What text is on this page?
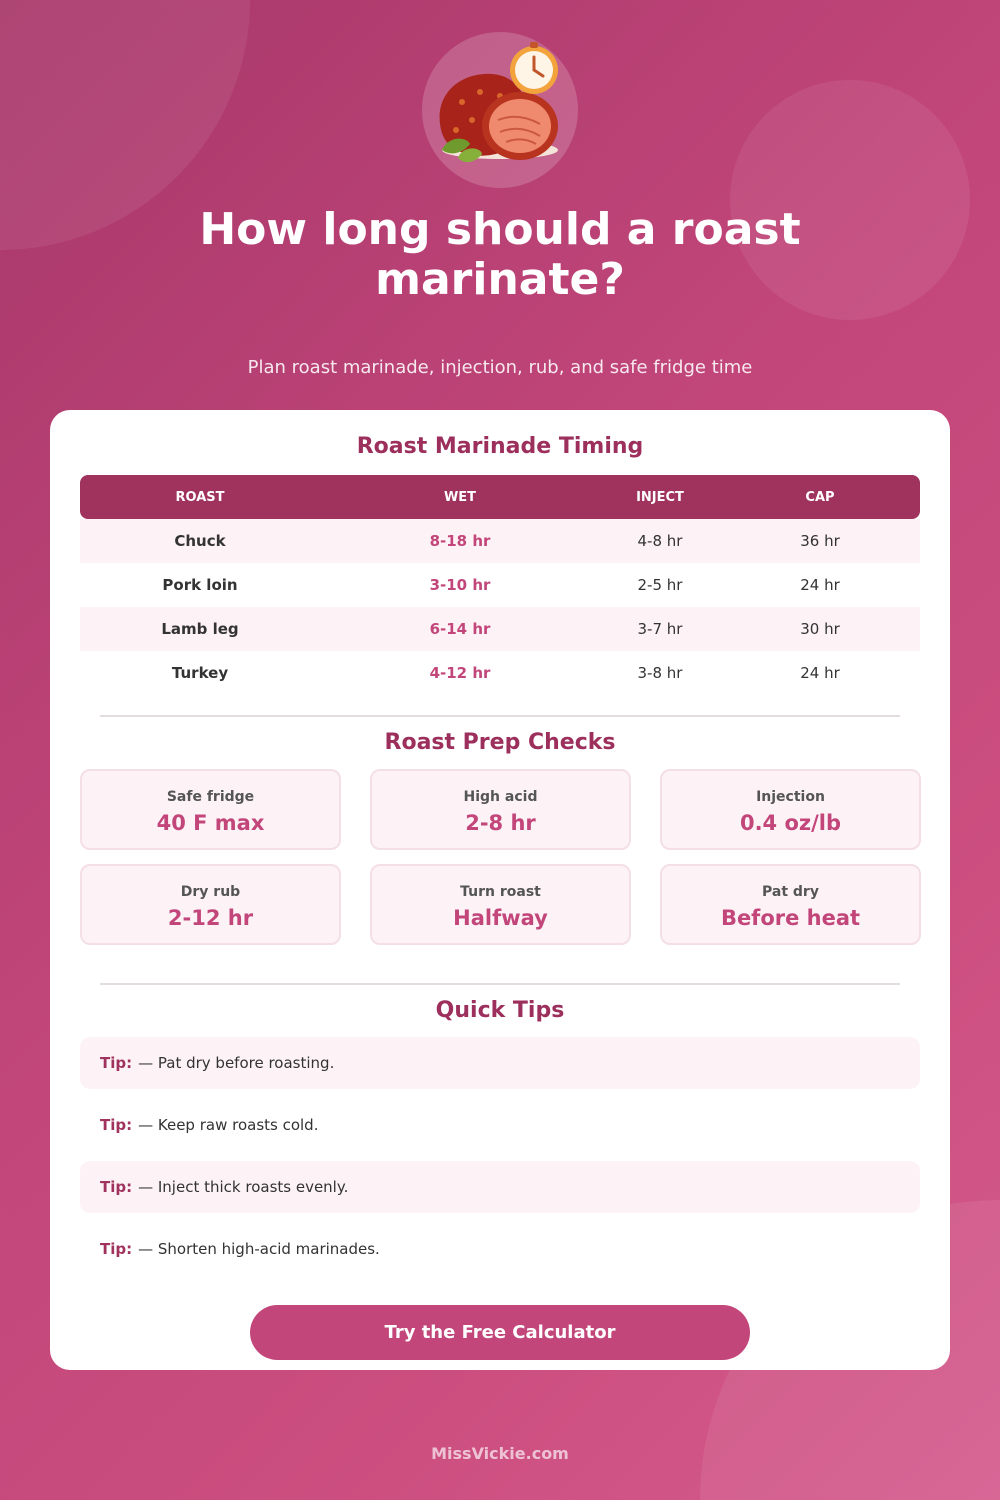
How long should a roast marinate?
Plan roast marinade, injection, rub, and safe fridge time
Roast Marinade Timing
ROAST	WET	INJECT	CAP
Chuck	8-18 hr	4-8 hr	36 hr
Pork loin	3-10 hr	2-5 hr	24 hr
Lamb leg	6-14 hr	3-7 hr	30 hr
Turkey	4-12 hr	3-8 hr	24 hr
Roast Prep Checks
Safe fridge
40 F max
High acid
2-8 hr
Injection
0.4 oz/lb
Dry rub
2-12 hr
Turn roast
Halfway
Pat dry
Before heat
Quick Tips
Tip: — Pat dry before roasting.
Tip: — Keep raw roasts cold.
Tip: — Inject thick roasts evenly.
Tip: — Shorten high-acid marinades.
Try the Free Calculator
MissVickie.com
